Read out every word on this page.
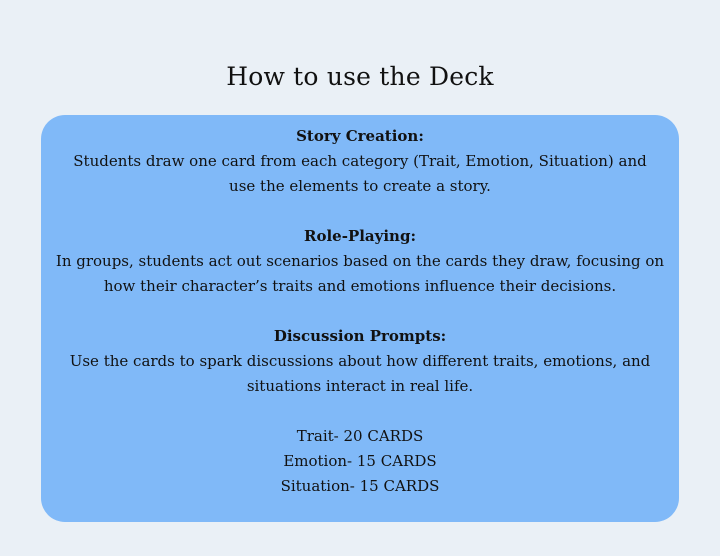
How to use the Deck
Story Creation:
Students draw one card from each category (Trait, Emotion, Situation) and use the elements to create a story.
Role-Playing:
In groups, students act out scenarios based on the cards they draw, focusing on how their character’s traits and emotions influence their decisions.
Discussion Prompts:
Use the cards to spark discussions about how different traits, emotions, and situations interact in real life.
Trait- 20 CARDS
Emotion- 15 CARDS
Situation- 15 CARDS
